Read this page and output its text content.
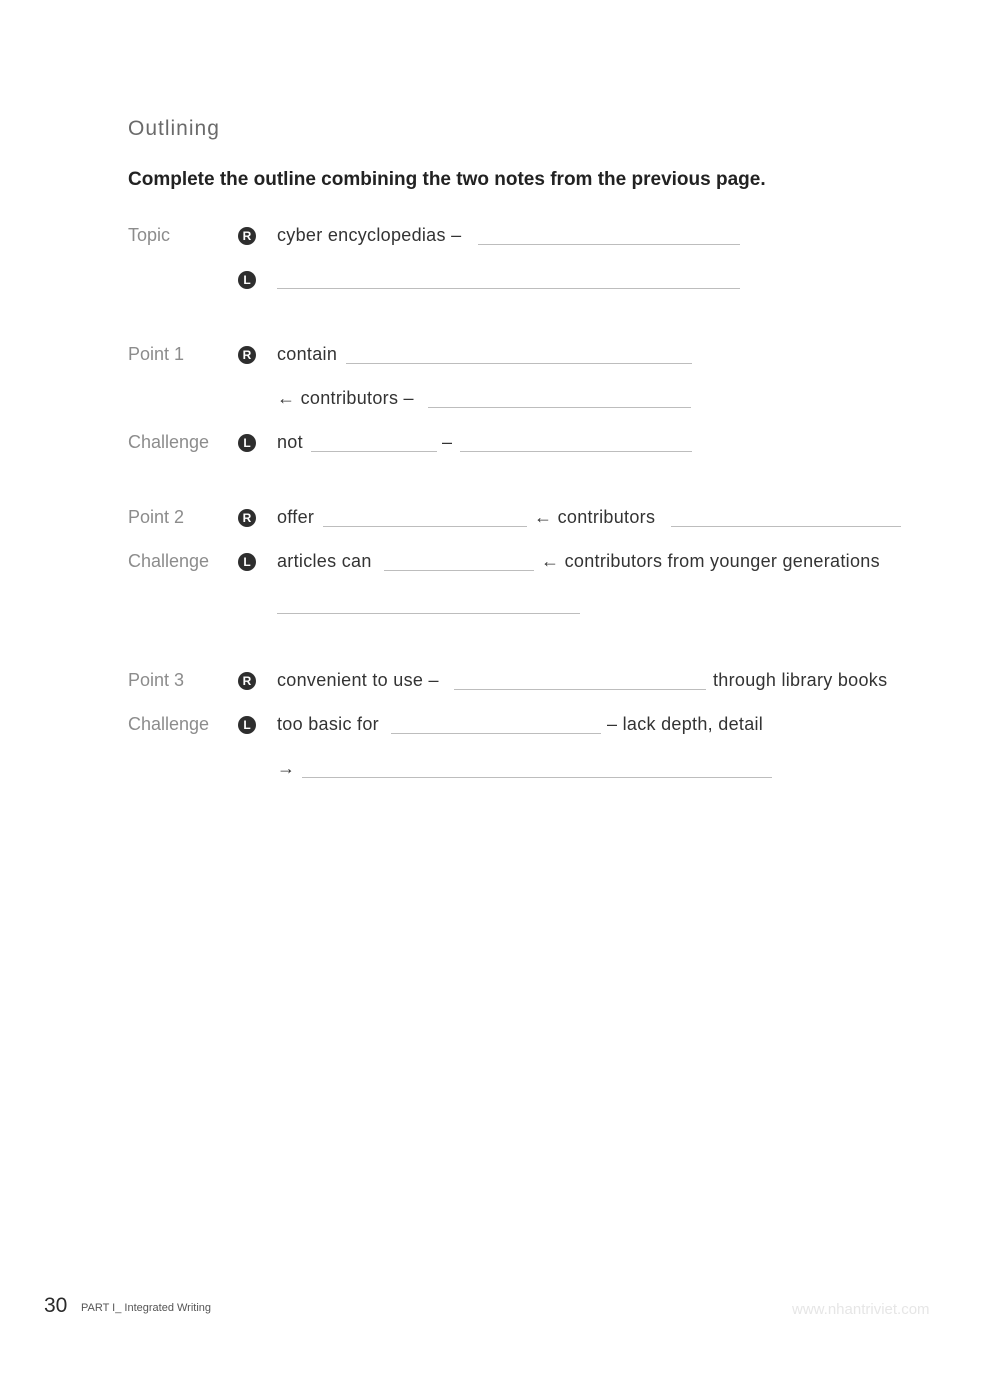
Outlining
Complete the outline combining the two notes from the previous page.
Topic	R cyber encyclopedias –
L
Point 1	R contain
← contributors –
Challenge	L not	–
Point 2	R offer	← contributors
Challenge	L articles can	← contributors from younger generations
Point 3	R convenient to use –	through library books
Challenge	L too basic for	– lack depth, detail
→
30 PART I_ Integrated Writing	www.nhantriviet.com
